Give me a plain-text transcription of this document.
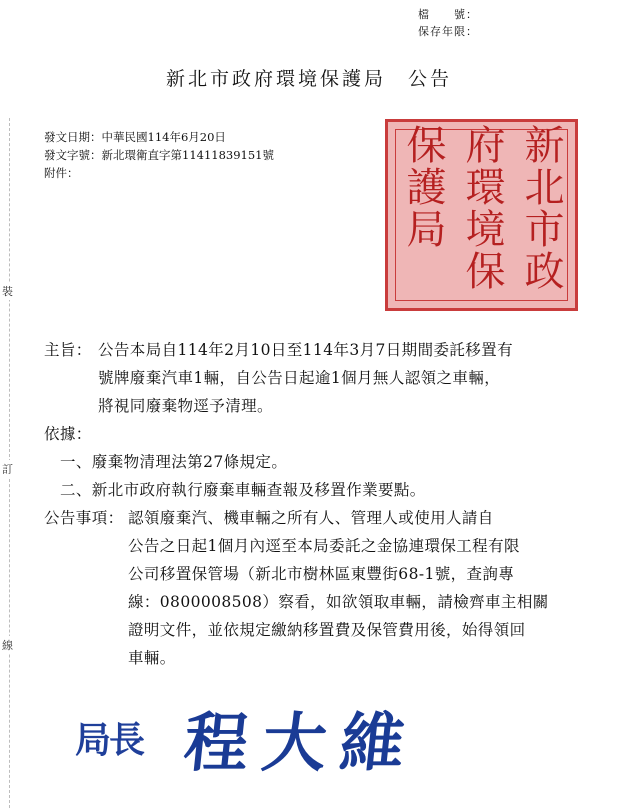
檔　　號：
保存年限：
新北市政府環境保護局 公告
裝
訂
線
發文日期：中華民國114年6月20日
發文字號：新北環衛直字第11411839151號
附件：	新北市政
府環境保
保護局　
主旨： 公告本局自114年2月10日至114年3月7日期間委託移置有
號牌廢棄汽車1輛，自公告日起逾1個月無人認領之車輛，
將視同廢棄物逕予清理。
依據：
一、廢棄物清理法第27條規定。
二、新北市政府執行廢棄車輛查報及移置作業要點。
公告事項： 認領廢棄汽、機車輛之所有人、管理人或使用人請自
公告之日起1個月內逕至本局委託之金協連環保工程有限
公司移置保管場（新北市樹林區東豐街68-1號，查詢專
線：0800008508）察看，如欲領取車輛，請檢齊車主相關
證明文件，並依規定繳納移置費及保管費用後，始得領回
車輛。
局長 程大維
